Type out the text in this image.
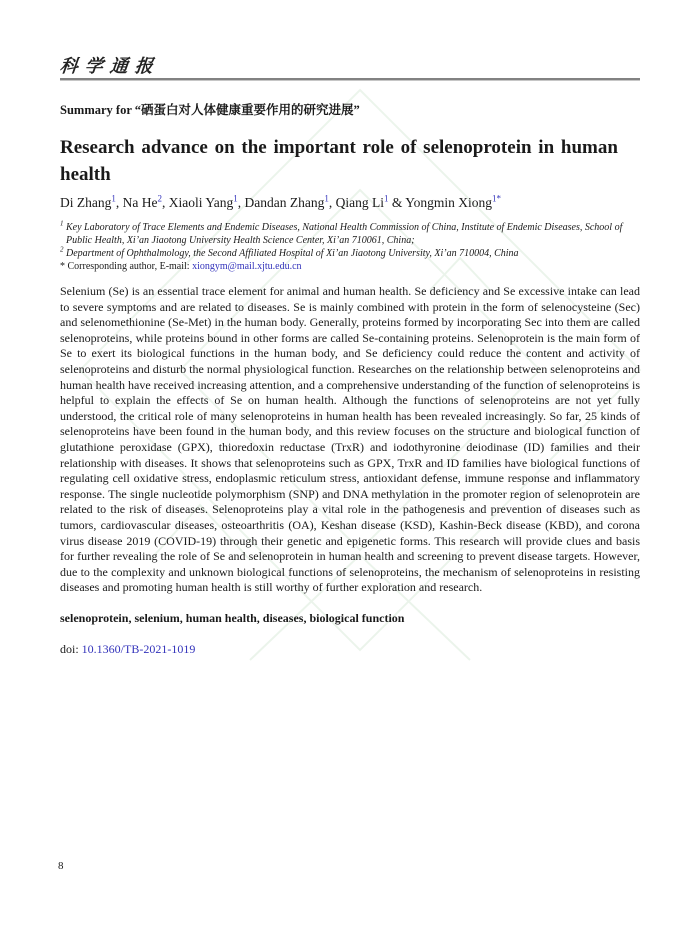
科学通报
Summary for “硒蛋白对人体健康重要作用的研究进展”
Research advance on the important role of selenoprotein in human health
Di Zhang$^1$, Na He$^2$, Xiaoli Yang$^1$, Dandan Zhang$^1$, Qiang Li$^1$ & Yongmin Xiong$^{1*}$
$^1$ Key Laboratory of Trace Elements and Endemic Diseases, National Health Commission of China, Institute of Endemic Diseases, School of Public Health, Xi’an Jiaotong University Health Science Center, Xi’an 710061, China;
$^2$ Department of Ophthalmology, the Second Affiliated Hospital of Xi’an Jiaotong University, Xi’an 710004, China
* Corresponding author, E-mail: xiongym@mail.xjtu.edu.cn

Selenium (Se) is an essential trace element for animal and human health. Se deficiency and Se excessive intake can lead to severe symptoms and are related to diseases. Se is mainly combined with protein in the form of selenocysteine (Sec) and selenomethionine (Se-Met) in the human body. Generally, proteins formed by incorporating Sec into them are called selenoproteins, while proteins bound in other forms are called Se-containing proteins. Selenoprotein is the main form of Se to exert its biological functions in the human body, and Se deficiency could reduce the content and activity of selenoproteins and disturb the normal physiological function. Researches on the relationship between selenoproteins and human health have received increasing attention, and a comprehensive understanding of the function of selenoproteins is helpful to explain the effects of Se on human health. Although the functions of selenoproteins are not yet fully understood, the critical role of many selenoproteins in human health has been revealed increasingly. So far, 25 kinds of selenoproteins have been found in the human body, and this review focuses on the structure and biological function of glutathione peroxidase (GPX), thioredoxin reductase (TrxR) and iodothyronine deiodinase (ID) families and their relationship with diseases. It shows that selenoproteins such as GPX, TrxR and ID families have biological functions of regulating cell oxidative stress, endoplasmic reticulum stress, antioxidant defense, immune response and inflammatory response. The single nucleotide polymorphism (SNP) and DNA methylation in the promoter region of selenoprotein are related to the risk of diseases. Selenoproteins play a vital role in the pathogenesis and prevention of diseases such as tumors, cardiovascular diseases, osteoarthritis (OA), Keshan disease (KSD), Kashin-Beck disease (KBD), and corona virus disease 2019 (COVID-19) through their genetic and epigenetic forms. This research will provide clues and basis for further revealing the role of Se and selenoprotein in human health and screening to prevent disease targets. However, due to the complexity and unknown biological functions of selenoproteins, the mechanism of selenoproteins in resisting diseases and promoting human health is still worthy of further exploration and research.

selenoprotein, selenium, human health, diseases, biological function
doi: 10.1360/TB-2021-1019
8
